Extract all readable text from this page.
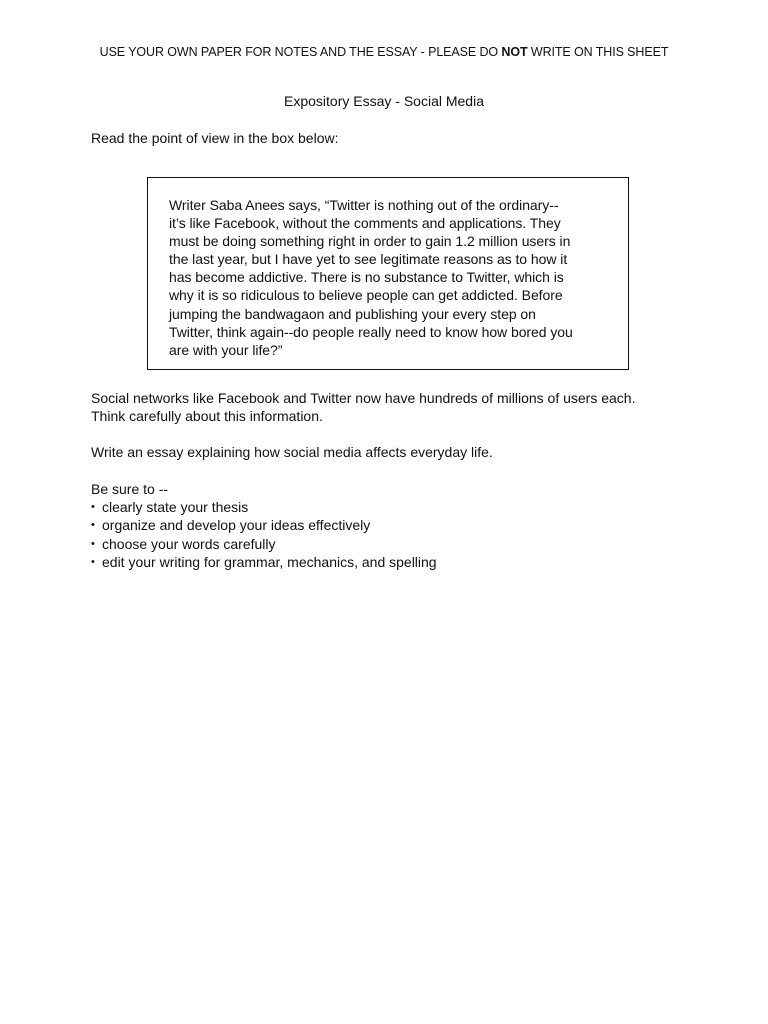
USE YOUR OWN PAPER FOR NOTES AND THE ESSAY - PLEASE DO NOT WRITE ON THIS SHEET
Expository Essay - Social Media
Read the point of view in the box below:
Writer Saba Anees says, “Twitter is nothing out of the ordinary--
it’s like Facebook, without the comments and applications. They
must be doing something right in order to gain 1.2 million users in
the last year, but I have yet to see legitimate reasons as to how it
has become addictive. There is no substance to Twitter, which is
why it is so ridiculous to believe people can get addicted. Before
jumping the bandwagaon and publishing your every step on
Twitter, think again--do people really need to know how bored you
are with your life?”
Social networks like Facebook and Twitter now have hundreds of millions of users each.
Think carefully about this information.
Write an essay explaining how social media affects everyday life.
Be sure to --
• clearly state your thesis
• organize and develop your ideas effectively
• choose your words carefully
• edit your writing for grammar, mechanics, and spelling
